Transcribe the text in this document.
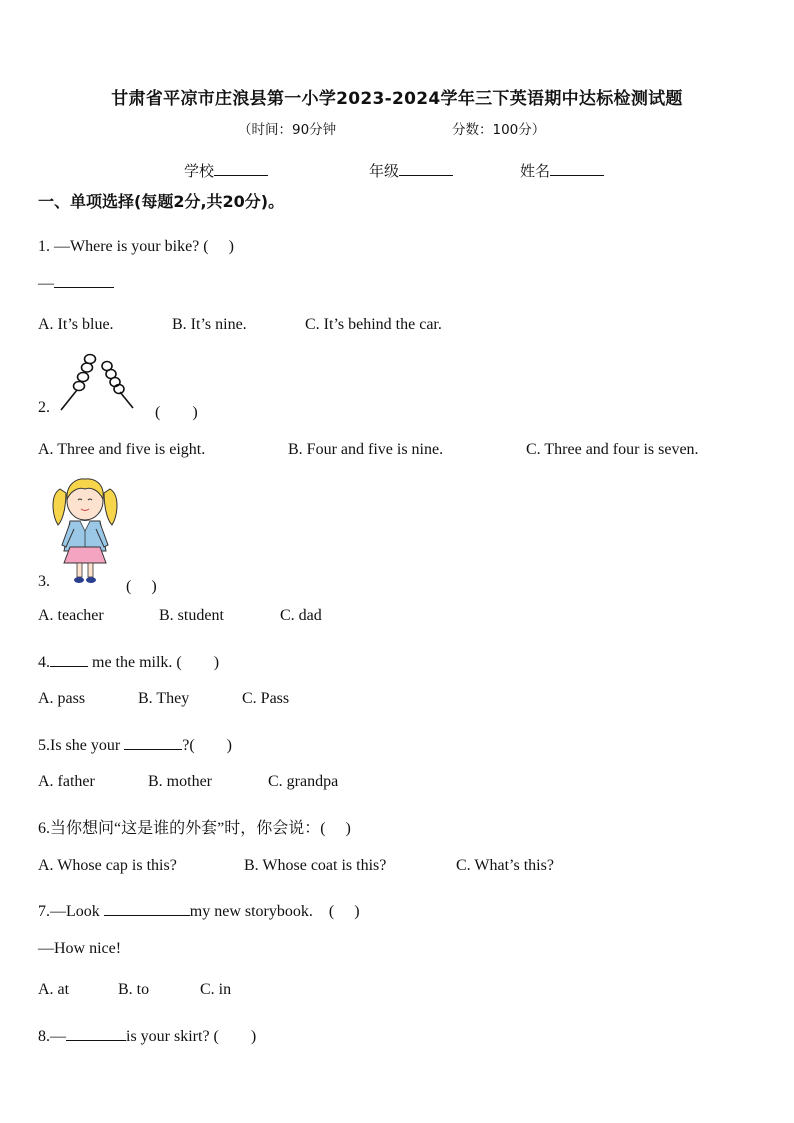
甘肃省平凉市庄浪县第一小学2023-2024学年三下英语期中达标检测试题
（时间：90分钟	分数：100分）
学校	年级	姓名
一、单项选择(每题2分,共20分)。
1. —Where is your bike? (　 )
—
A. It’s blue.	B. It’s nine.	C. It’s behind the car.
2.	(　　)
A. Three and five is eight.	B. Four and five is nine.	C. Three and four is seven.
3.	(　 )
A. teacher	B. student	C. dad
4. me the milk. (　　)
A. pass	B. They	C. Pass
5.Is she your	?(　　)
A. father	B. mother	C. grandpa
6.当你想问“这是谁的外套”时，你会说：(　 )
A. Whose cap is this?	B. Whose coat is this?	C. What’s this?
7.—Look	my new storybook.　(　 )
—How nice!
A. at	B. to	C. in
8.—	is your skirt? (　　)
